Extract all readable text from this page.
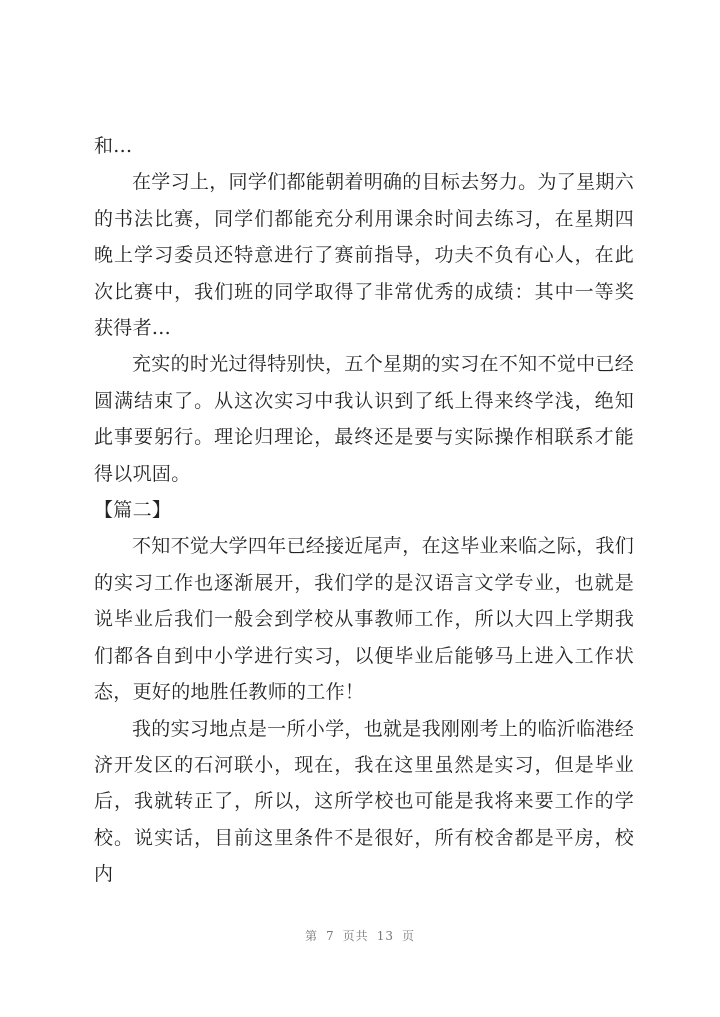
和...

在学习上，同学们都能朝着明确的目标去努力。为了星期六的书法比赛，同学们都能充分利用课余时间去练习，在星期四晚上学习委员还特意进行了赛前指导，功夫不负有心人，在此次比赛中，我们班的同学取得了非常优秀的成绩：其中一等奖获得者...

充实的时光过得特别快，五个星期的实习在不知不觉中已经圆满结束了。从这次实习中我认识到了纸上得来终学浅，绝知此事要躬行。理论归理论，最终还是要与实际操作相联系才能得以巩固。

【篇二】

不知不觉大学四年已经接近尾声，在这毕业来临之际，我们的实习工作也逐渐展开，我们学的是汉语言文学专业，也就是说毕业后我们一般会到学校从事教师工作，所以大四上学期我们都各自到中小学进行实习，以便毕业后能够马上进入工作状态，更好的地胜任教师的工作！

我的实习地点是一所小学，也就是我刚刚考上的临沂临港经济开发区的石河联小，现在，我在这里虽然是实习，但是毕业后，我就转正了，所以，这所学校也可能是我将来要工作的学校。说实话，目前这里条件不是很好，所有校舍都是平房，校内

第 7 页共 13 页
